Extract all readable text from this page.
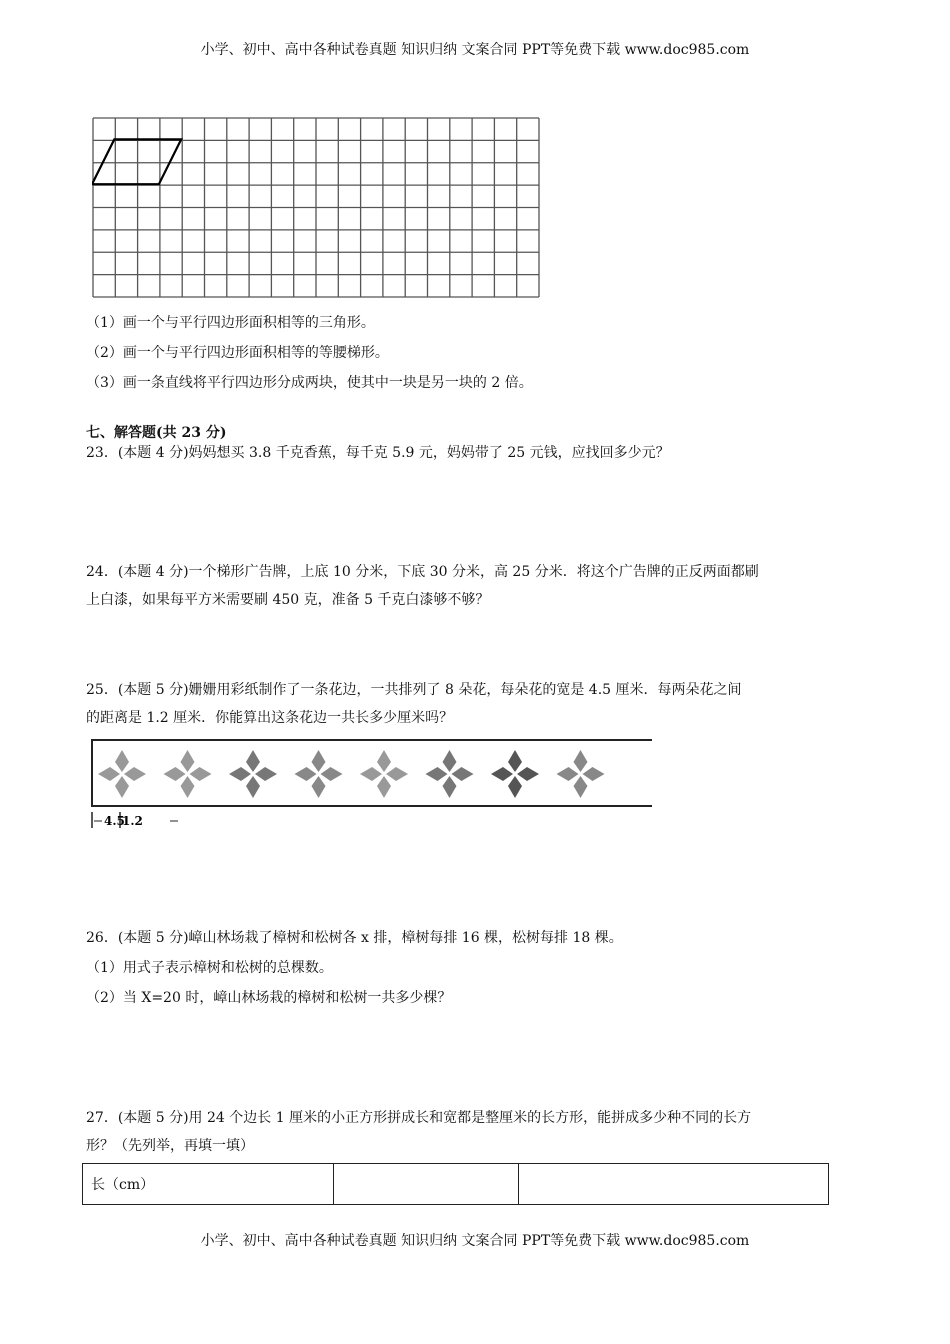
小学、初中、高中各种试卷真题 知识归纳 文案合同 PPT等免费下载 www.doc985.com
（1）画一个与平行四边形面积相等的三角形。
（2）画一个与平行四边形面积相等的等腰梯形。
（3）画一条直线将平行四边形分成两块，使其中一块是另一块的 2 倍。
七、解答题(共 23 分)
23．(本题 4 分)妈妈想买 3.8 千克香蕉，每千克 5.9 元，妈妈带了 25 元钱，应找回多少元？
24．(本题 4 分)一个梯形广告牌，上底 10 分米，下底 30 分米，高 25 分米．将这个广告牌的正反两面都刷
上白漆，如果每平方米需要刷 450 克，准备 5 千克白漆够不够？
25．(本题 5 分)姗姗用彩纸制作了一条花边，一共排列了 8 朵花，每朵花的宽是 4.5 厘米．每两朵花之间
的距离是 1.2 厘米．你能算出这条花边一共长多少厘米吗？
4.5
1.2
26．(本题 5 分)嶂山林场栽了樟树和松树各 x 排，樟树每排 16 棵，松树每排 18 棵。
（1）用式子表示樟树和松树的总棵数。
（2）当 X=20 时，嶂山林场栽的樟树和松树一共多少棵？
27．(本题 5 分)用 24 个边长 1 厘米的小正方形拼成长和宽都是整厘米的长方形，能拼成多少种不同的长方
形？（先列举，再填一填）
长（cm）		
小学、初中、高中各种试卷真题 知识归纳 文案合同 PPT等免费下载 www.doc985.com
